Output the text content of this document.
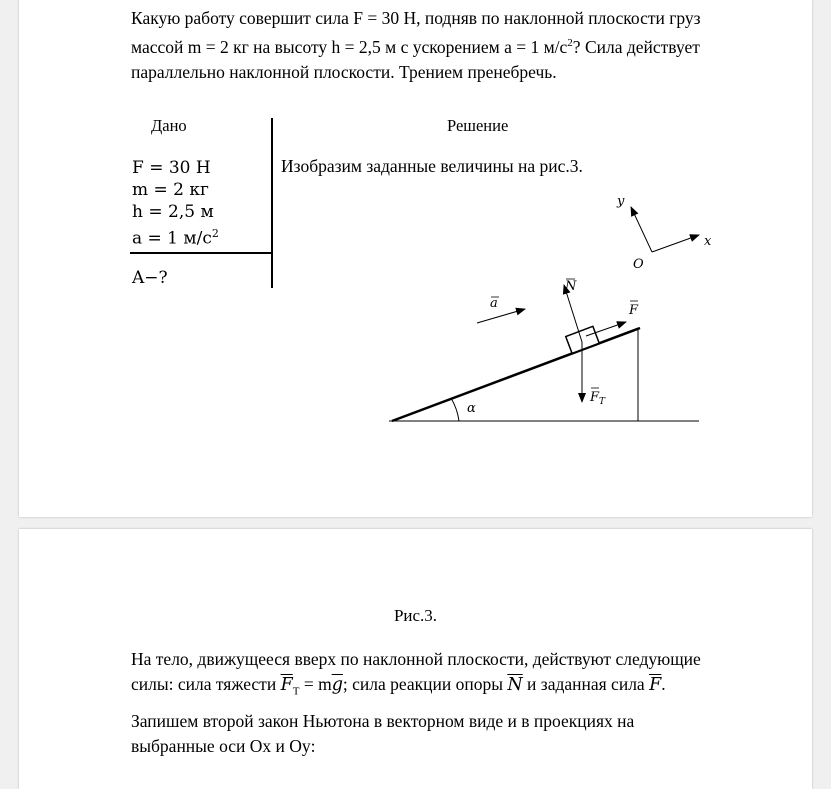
Какую работу совершит сила F = 30 Н, подняв по наклонной плоскости груз
массой m = 2 кг на высоту h = 2,5 м с ускорением a = 1 $м/с^2$? Сила действует
параллельно наклонной плоскости. Трением пренебречь.

Дано	Решение
F = 30 Н
m = 2 кг
h = 2,5 м
a = 1 $м/с^2$
A−?
Изобразим заданные величины на рис.3.
y
x
O
α
N
F Т
F
a
Рис.3.

На тело, движущееся вверх по наклонной плоскости, действуют следующие
силы: сила тяжести $\overline{F}_Т = m\overline{g}$; сила реакции опоры $\overline{N}$ и заданная сила $\overline{F}$.

Запишем второй закон Ньютона в векторном виде и в проекциях на
выбранные оси Ox и Oy:
